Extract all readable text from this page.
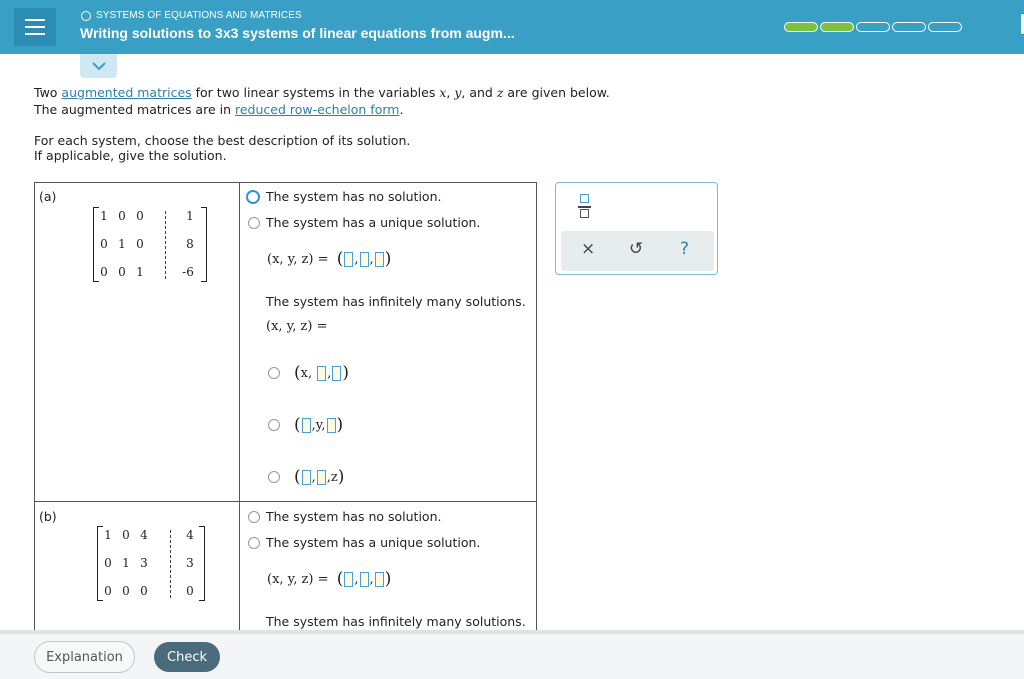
SYSTEMS OF EQUATIONS AND MATRICES
Writing solutions to 3x3 systems of linear equations from augm...
Two augmented matrices for two linear systems in the variables x, y, and z are given below.
The augmented matrices are in reduced row-echelon form.
For each system, choose the best description of its solution.
If applicable, give the solution.
(a)
1 0 0	1
0 1 0	8
0 0 1	-6
The system has no solution.
The system has a unique solution.
(x, y, z) =
( , , )
The system has infinitely many solutions.
(x, y, z) =
( x,
, )
( , y, )
( , , z )
(b)
1 0 4	4
0 1 3	3
0 0 0	0
The system has no solution.
The system has a unique solution.
(x, y, z) =
( , , )
The system has infinitely many solutions.
× ↺ ?
Explanation	Check
